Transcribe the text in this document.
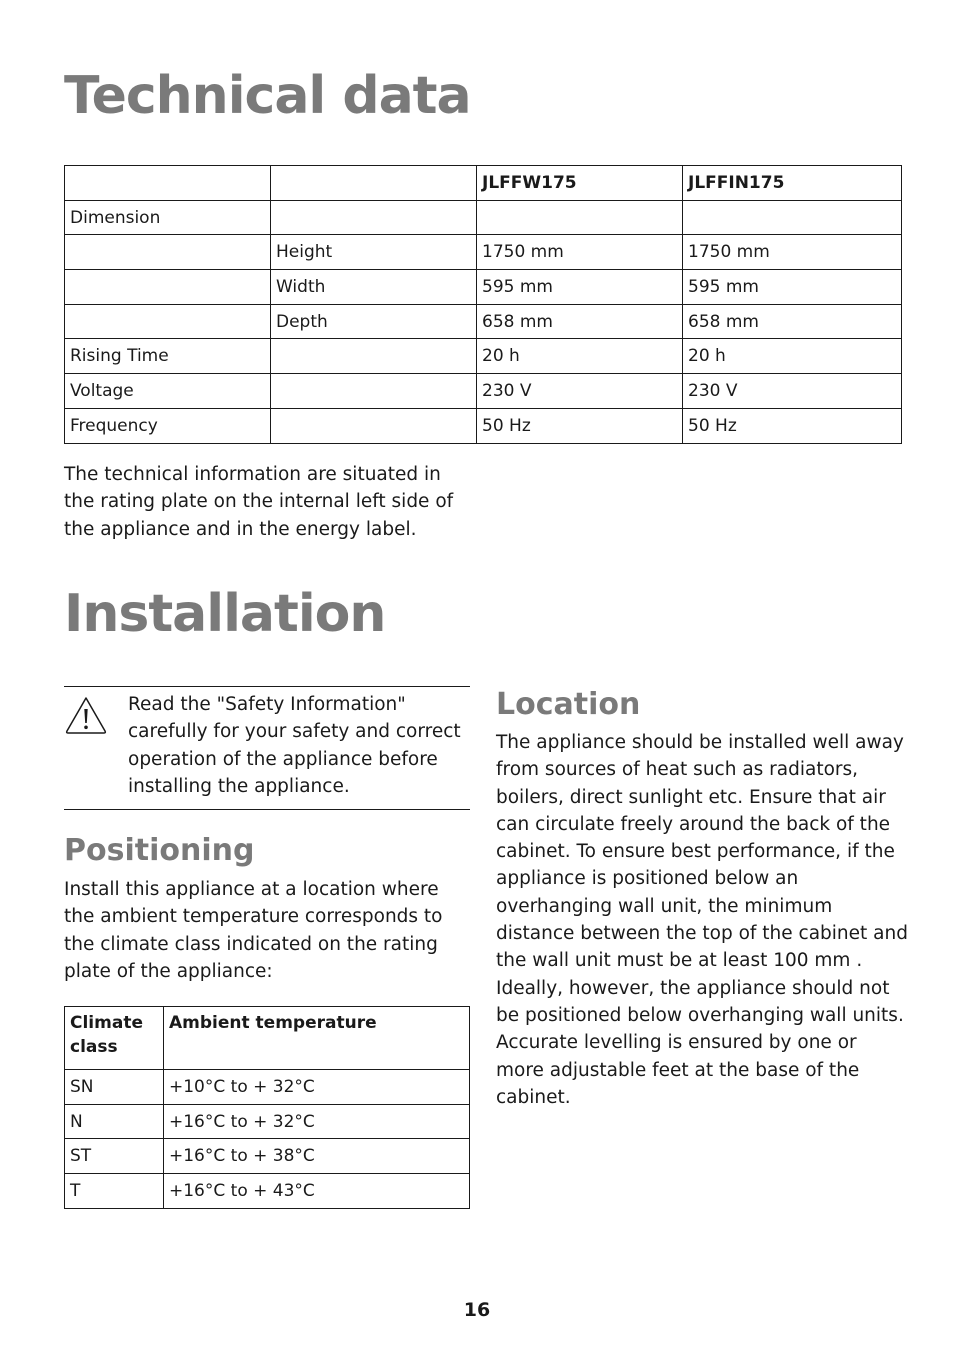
Technical data
		JLFFW175	JLFFIN175
Dimension			
	Height	1750 mm	1750 mm
	Width	595 mm	595 mm
	Depth	658 mm	658 mm
Rising Time		20 h	20 h
Voltage		230 V	230 V
Frequency		50 Hz	50 Hz

The technical information are situated in the rating plate on the internal left side of the appliance and in the energy label.

Installation

Read the "Safety Information" carefully for your safety and correct operation of the appliance before installing the appliance.

Positioning

Install this appliance at a location where the ambient temperature corresponds to the climate class indicated on the rating plate of the appliance:

Climate class	Ambient temperature
SN	+10°C to + 32°C
N	+16°C to + 32°C
ST	+16°C to + 38°C
T	+16°C to + 43°C
Location

The appliance should be installed well away from sources of heat such as radiators, boilers, direct sunlight etc. Ensure that air can circulate freely around the back of the cabinet. To ensure best performance, if the appliance is positioned below an overhanging wall unit, the minimum distance between the top of the cabinet and the wall unit must be at least 100 mm . Ideally, however, the appliance should not be positioned below overhanging wall units. Accurate levelling is ensured by one or more adjustable feet at the base of the cabinet.

16
